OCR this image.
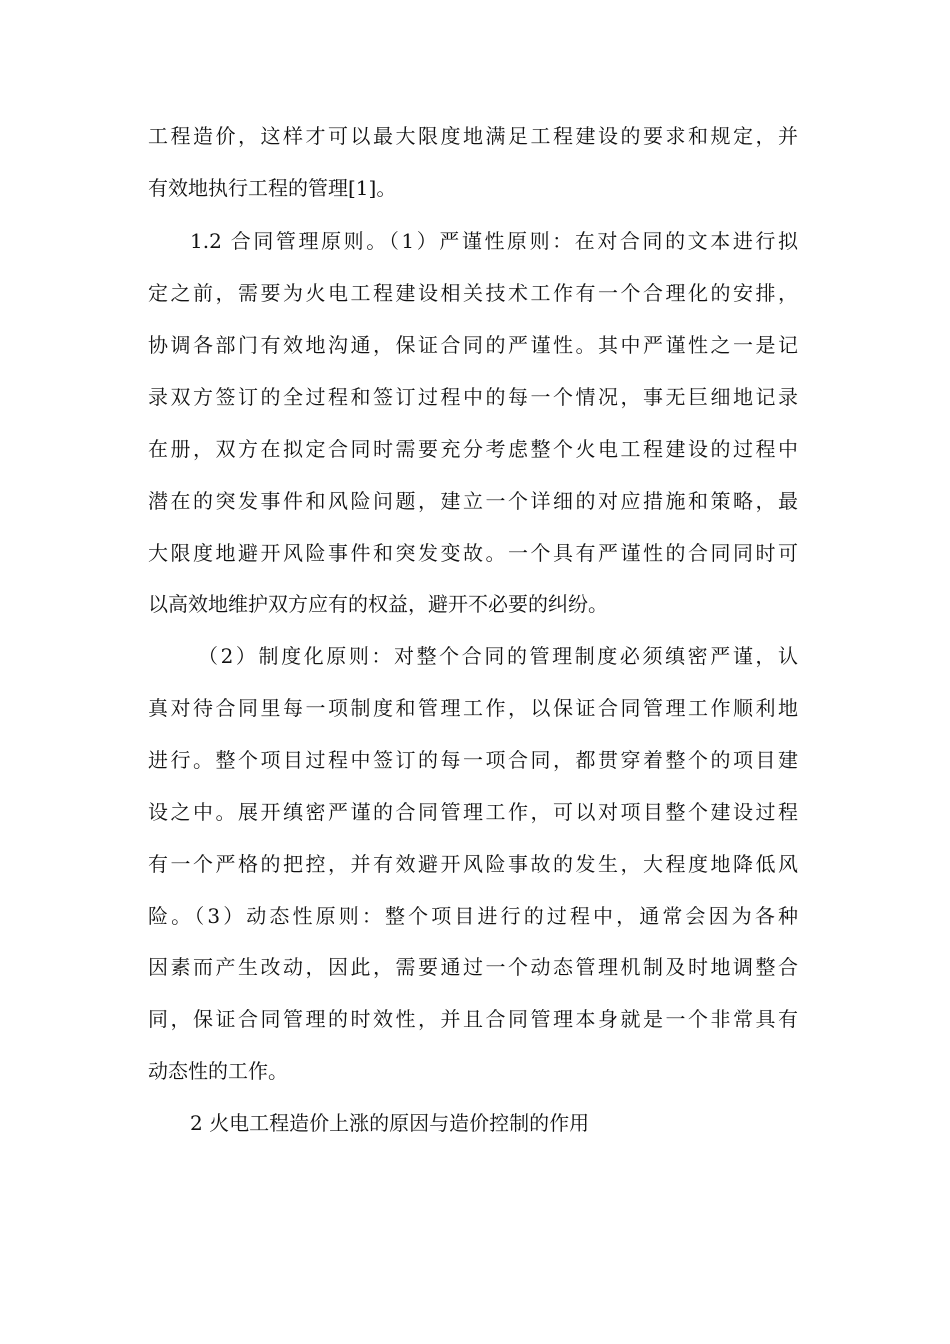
工程造价，这样才可以最大限度地满足工程建设的要求和规定，并
有效地执行工程的管理[1]。
1.2 合同管理原则。（1）严谨性原则：在对合同的文本进行拟
定之前，需要为火电工程建设相关技术工作有一个合理化的安排，
协调各部门有效地沟通，保证合同的严谨性。其中严谨性之一是记
录双方签订的全过程和签订过程中的每一个情况，事无巨细地记录
在册，双方在拟定合同时需要充分考虑整个火电工程建设的过程中
潜在的突发事件和风险问题，建立一个详细的对应措施和策略，最
大限度地避开风险事件和突发变故。一个具有严谨性的合同同时可
以高效地维护双方应有的权益，避开不必要的纠纷。
（2）制度化原则：对整个合同的管理制度必须缜密严谨，认
真对待合同里每一项制度和管理工作，以保证合同管理工作顺利地
进行。整个项目过程中签订的每一项合同，都贯穿着整个的项目建
设之中。展开缜密严谨的合同管理工作，可以对项目整个建设过程
有一个严格的把控，并有效避开风险事故的发生，大程度地降低风
险。（3）动态性原则：整个项目进行的过程中，通常会因为各种
因素而产生改动，因此，需要通过一个动态管理机制及时地调整合
同，保证合同管理的时效性，并且合同管理本身就是一个非常具有
动态性的工作。
2 火电工程造价上涨的原因与造价控制的作用
